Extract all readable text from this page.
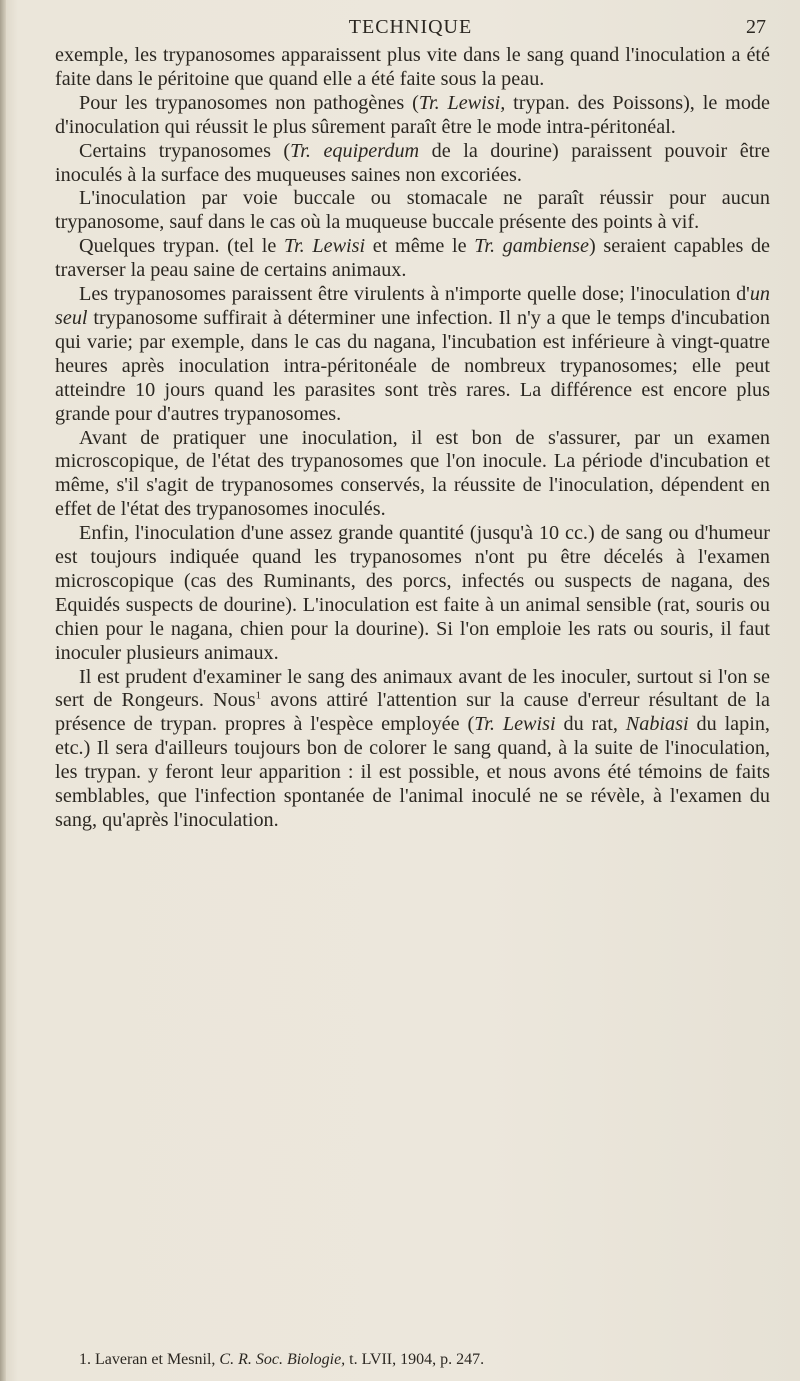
TECHNIQUE	27

exemple, les trypanosomes apparaissent plus vite dans le sang quand l'inoculation a été faite dans le péritoine que quand elle a été faite sous la peau.

Pour les trypanosomes non pathogènes (Tr. Lewisi, trypan. des Poissons), le mode d'inoculation qui réussit le plus sûrement paraît être le mode intra-péritonéal.

Certains trypanosomes (Tr. equiperdum de la dourine) paraissent pouvoir être inoculés à la surface des muqueuses saines non excoriées.

L'inoculation par voie buccale ou stomacale ne paraît réussir pour aucun trypanosome, sauf dans le cas où la muqueuse buccale présente des points à vif.

Quelques trypan. (tel le Tr. Lewisi et même le Tr. gambiense) seraient capables de traverser la peau saine de certains animaux.

Les trypanosomes paraissent être virulents à n'importe quelle dose; l'inoculation d'un seul trypanosome suffirait à déterminer une infection. Il n'y a que le temps d'incubation qui varie; par exemple, dans le cas du nagana, l'incubation est inférieure à vingt-quatre heures après inoculation intra-péritonéale de nombreux trypanosomes; elle peut atteindre 10 jours quand les parasites sont très rares. La différence est encore plus grande pour d'autres trypanosomes.

Avant de pratiquer une inoculation, il est bon de s'assurer, par un examen microscopique, de l'état des trypanosomes que l'on inocule. La période d'incubation et même, s'il s'agit de trypanosomes conservés, la réussite de l'inoculation, dépendent en effet de l'état des trypanosomes inoculés.

Enfin, l'inoculation d'une assez grande quantité (jusqu'à 10 cc.) de sang ou d'humeur est toujours indiquée quand les trypanosomes n'ont pu être décelés à l'examen microscopique (cas des Ruminants, des porcs, infectés ou suspects de nagana, des Equidés suspects de dourine). L'inoculation est faite à un animal sensible (rat, souris ou chien pour le nagana, chien pour la dourine). Si l'on emploie les rats ou souris, il faut inoculer plusieurs animaux.

Il est prudent d'examiner le sang des animaux avant de les inoculer, surtout si l'on se sert de Rongeurs. Nous$^1$ avons attiré l'attention sur la cause d'erreur résultant de la présence de trypan. propres à l'espèce employée (Tr. Lewisi du rat, Nabiasi du lapin, etc.) Il sera d'ailleurs toujours bon de colorer le sang quand, à la suite de l'inoculation, les trypan. y feront leur apparition : il est possible, et nous avons été témoins de faits semblables, que l'infection spontanée de l'animal inoculé ne se révèle, à l'examen du sang, qu'après l'inoculation.

1. Laveran et Mesnil, C. R. Soc. Biologie, t. LVII, 1904, p. 247.
